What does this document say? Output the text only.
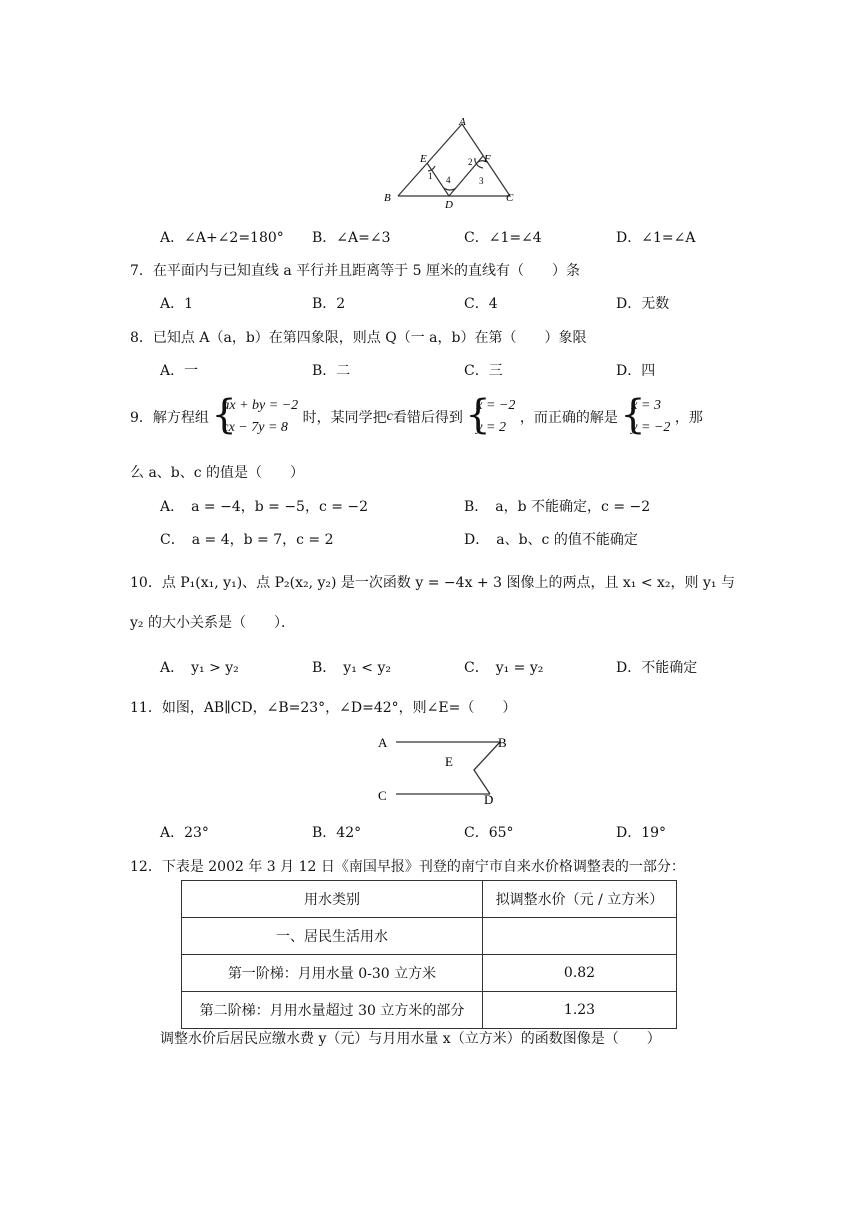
A
E	F
B	C
D
1
2
3
4
A．∠A+∠2=180° B．∠A=∠3	C．∠1=∠4	D．∠1=∠A
7．在平面内与已知直线 a 平行并且距离等于 5 厘米的直线有（　　）条
A．1	B．2	C．4	D．无数
8．已知点 A（a，b）在第四象限，则点 Q（一 a，b）在第（　　）象限
A．一	B．二	C．三	D．四
9．解方程组
{ ax + by = −2
cx − 7y = 8
时，某同学把c看错后得到
{ x = −2
y = 2
，而正确的解是
{ x = 3
y = −2
，那
么 a、b、c 的值是（　　）
A．　a = −4，b = −5，c = −2	B．　a，b 不能确定，c = −2
C．　a = 4，b = 7，c = 2	D．　a、b、c 的值不能确定
10．点 P₁(x₁, y₁)、点 P₂(x₂, y₂) 是一次函数 y = −4x + 3 图像上的两点，且 x₁ < x₂，则 y₁ 与
y₂ 的大小关系是（　　）．
A．　y₁ > y₂	B．　y₁ < y₂	C．　y₁ = y₂	D．不能确定
11．如图，AB∥CD，∠B=23°，∠D=42°，则∠E=（　　）
A	B
E
C	D
A．23°	B．42°	C．65°	D．19°
12．下表是 2002 年 3 月 12 日《南国早报》刊登的南宁市自来水价格调整表的一部分：
用水类别	拟调整水价（元 / 立方米）
一、居民生活用水	
第一阶梯：月用水量 0-30 立方米	0.82
第二阶梯：月用水量超过 30 立方米的部分	1.23
调整水价后居民应缴水费 y（元）与月用水量 x（立方米）的函数图像是（　　）
